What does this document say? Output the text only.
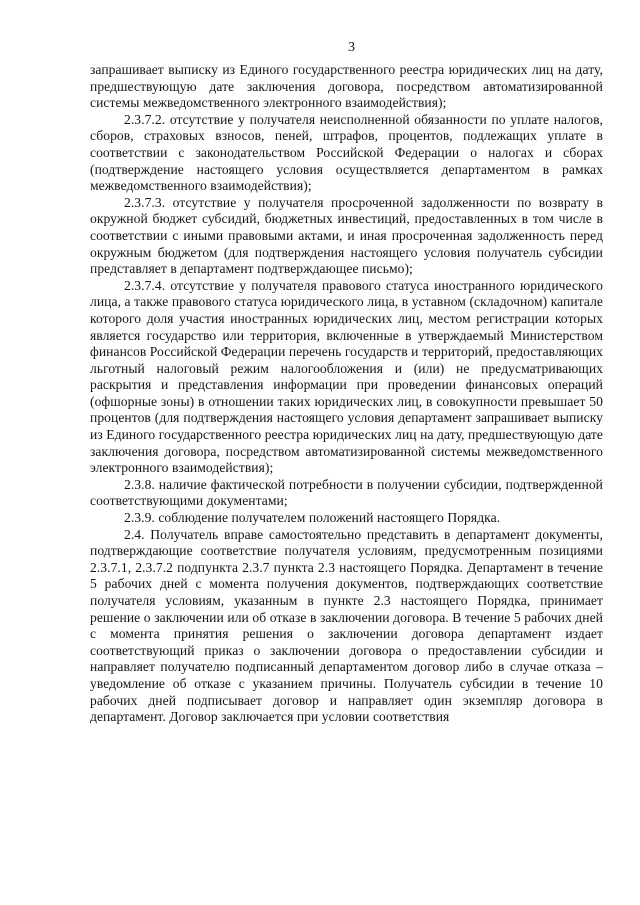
3

запрашивает выписку из Единого государственного реестра юридических лиц на дату, предшествующую дате заключения договора, посредством автоматизированной системы межведомственного электронного взаимодействия);

2.3.7.2. отсутствие у получателя неисполненной обязанности по уплате налогов, сборов, страховых взносов, пеней, штрафов, процентов, подлежащих уплате в соответствии с законодательством Российской Федерации о налогах и сборах (подтверждение настоящего условия осуществляется департаментом в рамках межведомственного взаимодействия);

2.3.7.3. отсутствие у получателя просроченной задолженности по возврату в окружной бюджет субсидий, бюджетных инвестиций, предоставленных в том числе в соответствии с иными правовыми актами, и иная просроченная задолженность перед окружным бюджетом (для подтверждения настоящего условия получатель субсидии представляет в департамент подтверждающее письмо);

2.3.7.4. отсутствие у получателя правового статуса иностранного юридического лица, а также правового статуса юридического лица, в уставном (складочном) капитале которого доля участия иностранных юридических лиц, местом регистрации которых является государство или территория, включенные в утверждаемый Министерством финансов Российской Федерации перечень государств и территорий, предоставляющих льготный налоговый режим налогообложения и (или) не предусматривающих раскрытия и представления информации при проведении финансовых операций (офшорные зоны) в отношении таких юридических лиц, в совокупности превышает 50 процентов (для подтверждения настоящего условия департамент запрашивает выписку из Единого государственного реестра юридических лиц на дату, предшествующую дате заключения договора, посредством автоматизированной системы межведомственного электронного взаимодействия);

2.3.8. наличие фактической потребности в получении субсидии, подтвержденной соответствующими документами;

2.3.9. соблюдение получателем положений настоящего Порядка.

2.4. Получатель вправе самостоятельно представить в департамент документы, подтверждающие соответствие получателя условиям, предусмотренным позициями 2.3.7.1, 2.3.7.2 подпункта 2.3.7 пункта 2.3 настоящего Порядка. Департамент в течение 5 рабочих дней с момента получения документов, подтверждающих соответствие получателя условиям, указанным в пункте 2.3 настоящего Порядка, принимает решение о заключении или об отказе в заключении договора. В течение 5 рабочих дней с момента принятия решения о заключении договора департамент издает соответствующий приказ о заключении договора о предоставлении субсидии и направляет получателю подписанный департаментом договор либо в случае отказа – уведомление об отказе с указанием причины. Получатель субсидии в течение 10 рабочих дней подписывает договор и направляет один экземпляр договора в департамент. Договор заключается при условии соответствия
